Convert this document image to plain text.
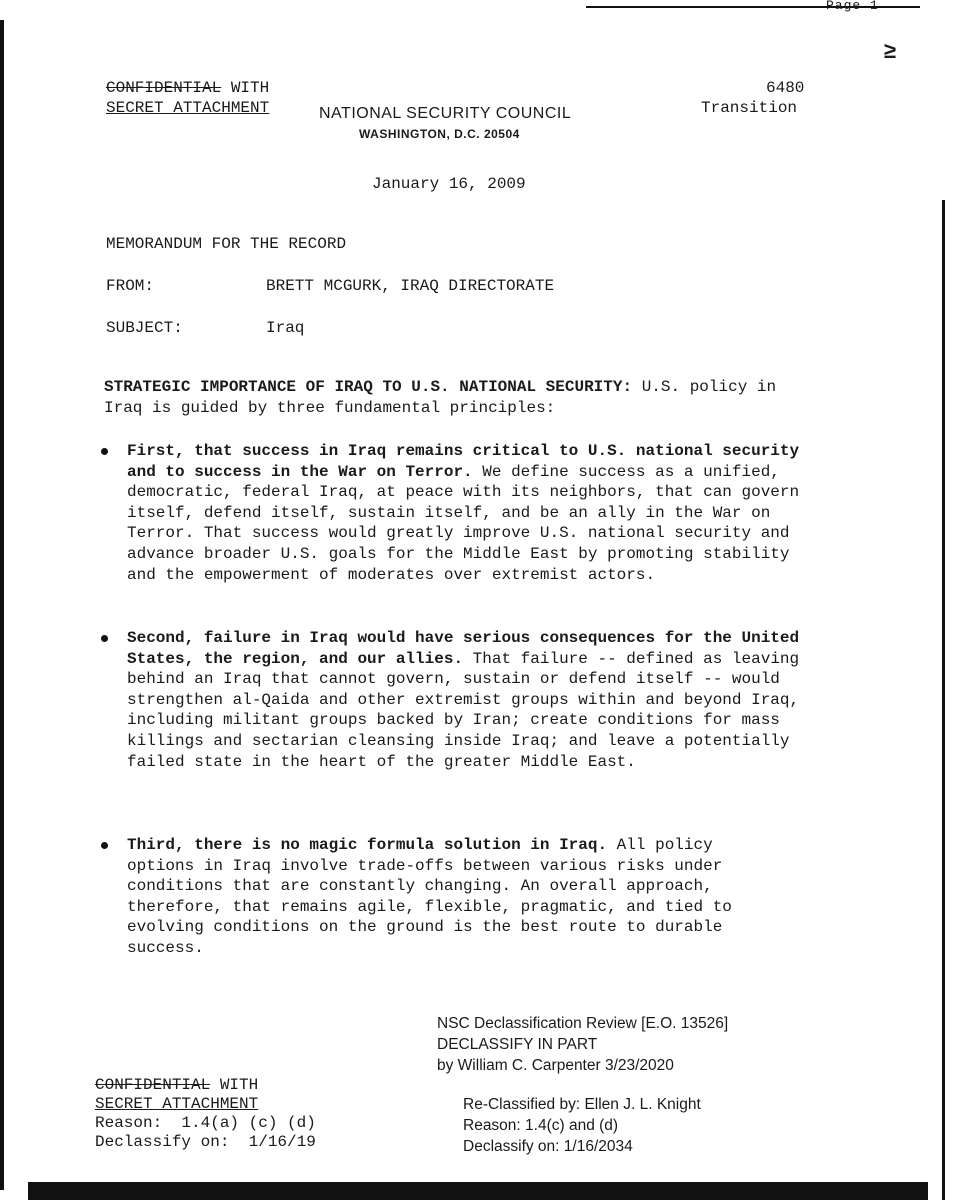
Page 1
≥
CONFIDENTIAL WITH
SECRET ATTACHMENT	NATIONAL SECURITY COUNCIL
WASHINGTON, D.C. 20504
6480
Transition
January 16, 2009
MEMORANDUM FOR THE RECORD
FROM:	BRETT MCGURK, IRAQ DIRECTORATE
SUBJECT:	Iraq
STRATEGIC IMPORTANCE OF IRAQ TO U.S. NATIONAL SECURITY: U.S. policy in Iraq is guided by three fundamental principles:
First, that success in Iraq remains critical to U.S. national security and to success in the War on Terror. We define success as a unified, democratic, federal Iraq, at peace with its neighbors, that can govern itself, defend itself, sustain itself, and be an ally in the War on Terror. That success would greatly improve U.S. national security and advance broader U.S. goals for the Middle East by promoting stability and the empowerment of moderates over extremist actors.
Second, failure in Iraq would have serious consequences for the United States, the region, and our allies. That failure -- defined as leaving behind an Iraq that cannot govern, sustain or defend itself -- would strengthen al-Qaida and other extremist groups within and beyond Iraq, including militant groups backed by Iran; create conditions for mass killings and sectarian cleansing inside Iraq; and leave a potentially failed state in the heart of the greater Middle East.
Third, there is no magic formula solution in Iraq. All policy options in Iraq involve trade-offs between various risks under conditions that are constantly changing. An overall approach, therefore, that remains agile, flexible, pragmatic, and tied to evolving conditions on the ground is the best route to durable success.
NSC Declassification Review [E.O. 13526]
DECLASSIFY IN PART
by William C. Carpenter 3/23/2020
CONFIDENTIAL WITH
SECRET ATTACHMENT
Reason:  1.4(a) (c) (d)
Declassify on:  1/16/19
Re-Classified by: Ellen J. L. Knight
Reason: 1.4(c) and (d)
Declassify on: 1/16/2034
